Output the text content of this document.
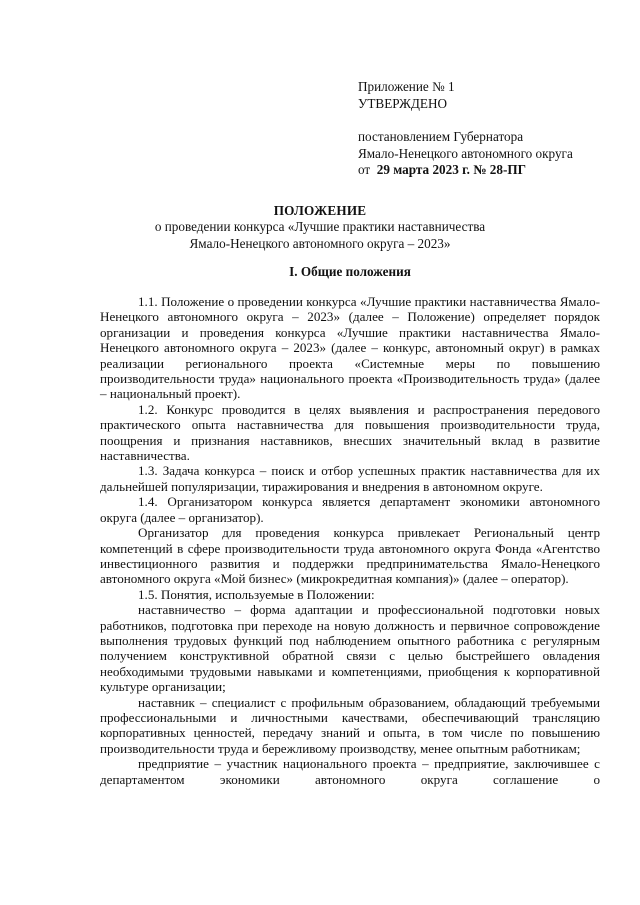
Приложение № 1
УТВЕРЖДЕНО
постановлением Губернатора
Ямало-Ненецкого автономного округа
от 29 марта 2023 г. № 28-ПГ
ПОЛОЖЕНИЕ
о проведении конкурса «Лучшие практики наставничества
Ямало-Ненецкого автономного округа – 2023»
I. Общие положения

1.1. Положение о проведении конкурса «Лучшие практики наставничества Ямало-Ненецкого автономного округа – 2023» (далее – Положение) определяет порядок организации и проведения конкурса «Лучшие практики наставничества Ямало-Ненецкого автономного округа – 2023» (далее – конкурс, автономный округ) в рамках реализации регионального проекта «Системные меры по повышению производительности труда» национального проекта «Производительность труда» (далее – национальный проект).

1.2. Конкурс проводится в целях выявления и распространения передового практического опыта наставничества для повышения производительности труда, поощрения и признания наставников, внесших значительный вклад в развитие наставничества.

1.3. Задача конкурса – поиск и отбор успешных практик наставничества для их дальнейшей популяризации, тиражирования и внедрения в автономном округе.

1.4. Организатором конкурса является департамент экономики автономного округа (далее – организатор).

Организатор для проведения конкурса привлекает Региональный центр компетенций в сфере производительности труда автономного округа Фонда «Агентство инвестиционного развития и поддержки предпринимательства Ямало-Ненецкого автономного округа «Мой бизнес» (микрокредитная компания)» (далее – оператор).

1.5. Понятия, используемые в Положении:

наставничество – форма адаптации и профессиональной подготовки новых работников, подготовка при переходе на новую должность и первичное сопровождение выполнения трудовых функций под наблюдением опытного работника с регулярным получением конструктивной обратной связи с целью быстрейшего овладения необходимыми трудовыми навыками и компетенциями, приобщения к корпоративной культуре организации;

наставник – специалист с профильным образованием, обладающий требуемыми профессиональными и личностными качествами, обеспечивающий трансляцию корпоративных ценностей, передачу знаний и опыта, в том числе по повышению производительности труда и бережливому производству, менее опытным работникам;

предприятие – участник национального проекта – предприятие, заключившее с департаментом экономики автономного округа соглашение о
